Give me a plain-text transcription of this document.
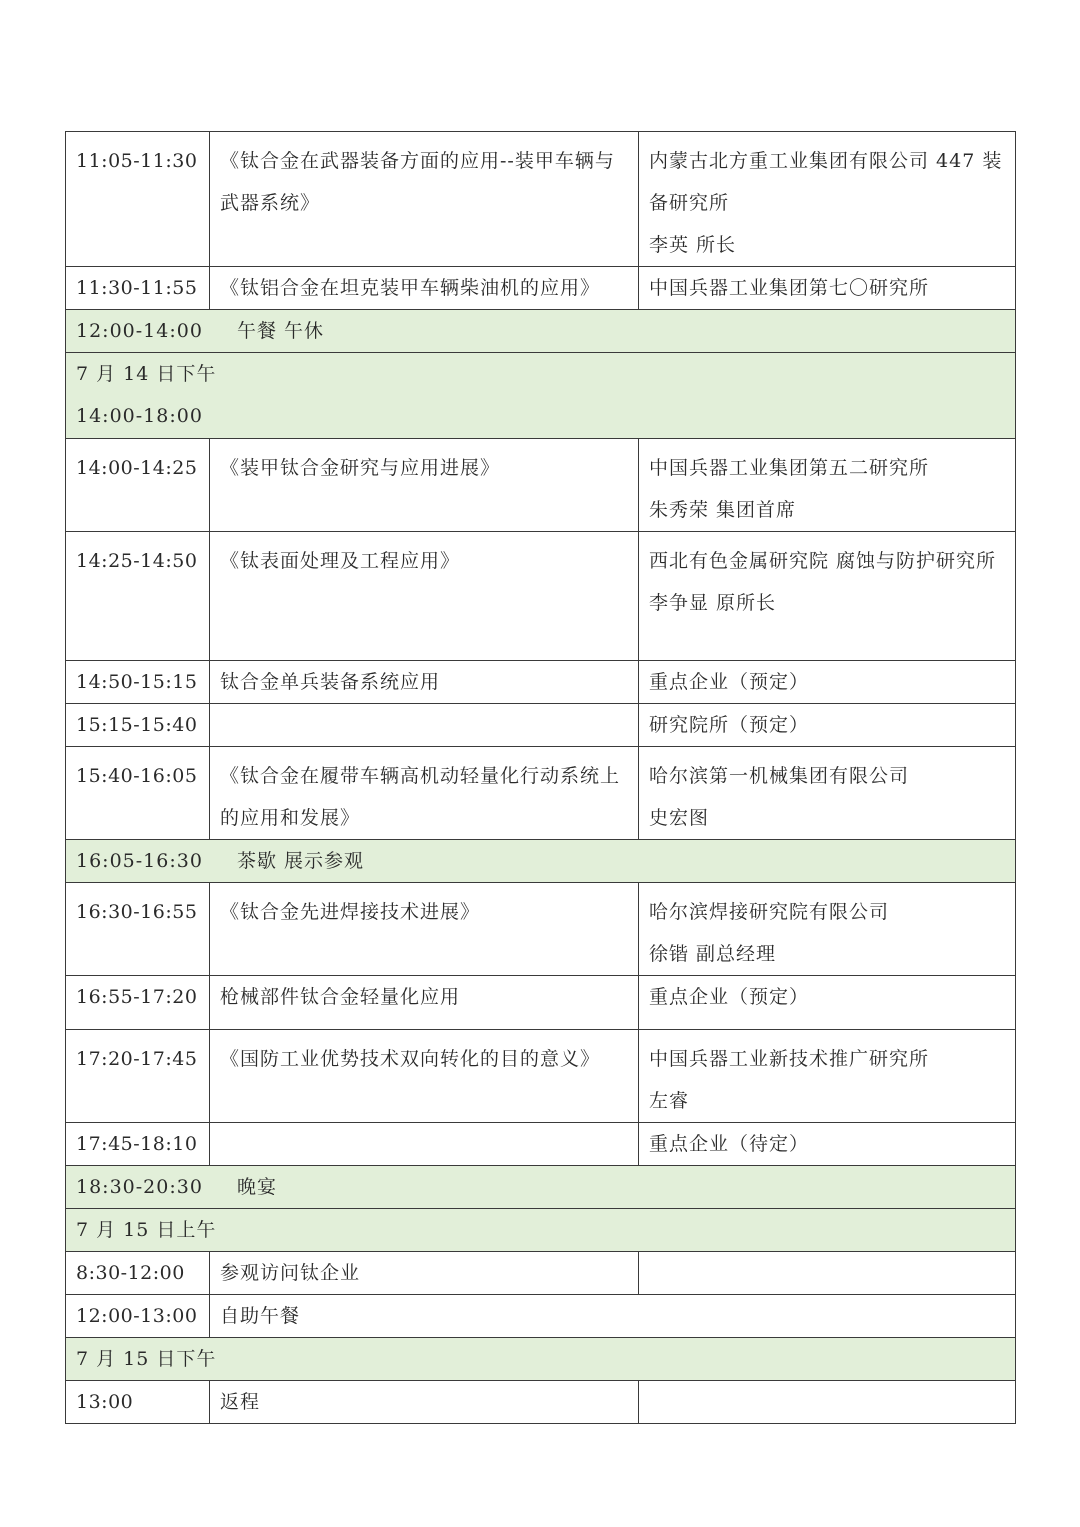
11:05-11:30	《钛合金在武器装备方面的应用--装甲车辆与武器系统》	内蒙古北方重工业集团有限公司 447 装备研究所
李英 所长

11:30-11:55	《钛铝合金在坦克装甲车辆柴油机的应用》	中国兵器工业集团第七〇研究所
12:00-14:00 午餐 午休		

7 月 14 日下午
14:00-18:00		

14:00-14:25	《装甲钛合金研究与应用进展》	中国兵器工业集团第五二研究所
朱秀荣 集团首席

14:25-14:50	《钛表面处理及工程应用》	西北有色金属研究院 腐蚀与防护研究所
李争显 原所长

14:50-15:15	钛合金单兵装备系统应用	重点企业（预定）
15:15-15:40		研究院所（预定）
15:40-16:05	《钛合金在履带车辆高机动轻量化行动系统上的应用和发展》	哈尔滨第一机械集团有限公司
史宏图

16:05-16:30 茶歇 展示参观		
16:30-16:55	《钛合金先进焊接技术进展》	哈尔滨焊接研究院有限公司
徐锴 副总经理

16:55-17:20	枪械部件钛合金轻量化应用	重点企业（预定）
17:20-17:45	《国防工业优势技术双向转化的目的意义》	中国兵器工业新技术推广研究所
左睿

17:45-18:10		重点企业（待定）
18:30-20:30 晚宴		
7 月 15 日上午		
8:30-12:00	参观访问钛企业	
12:00-13:00	自助午餐	
7 月 15 日下午		
13:00	返程	
